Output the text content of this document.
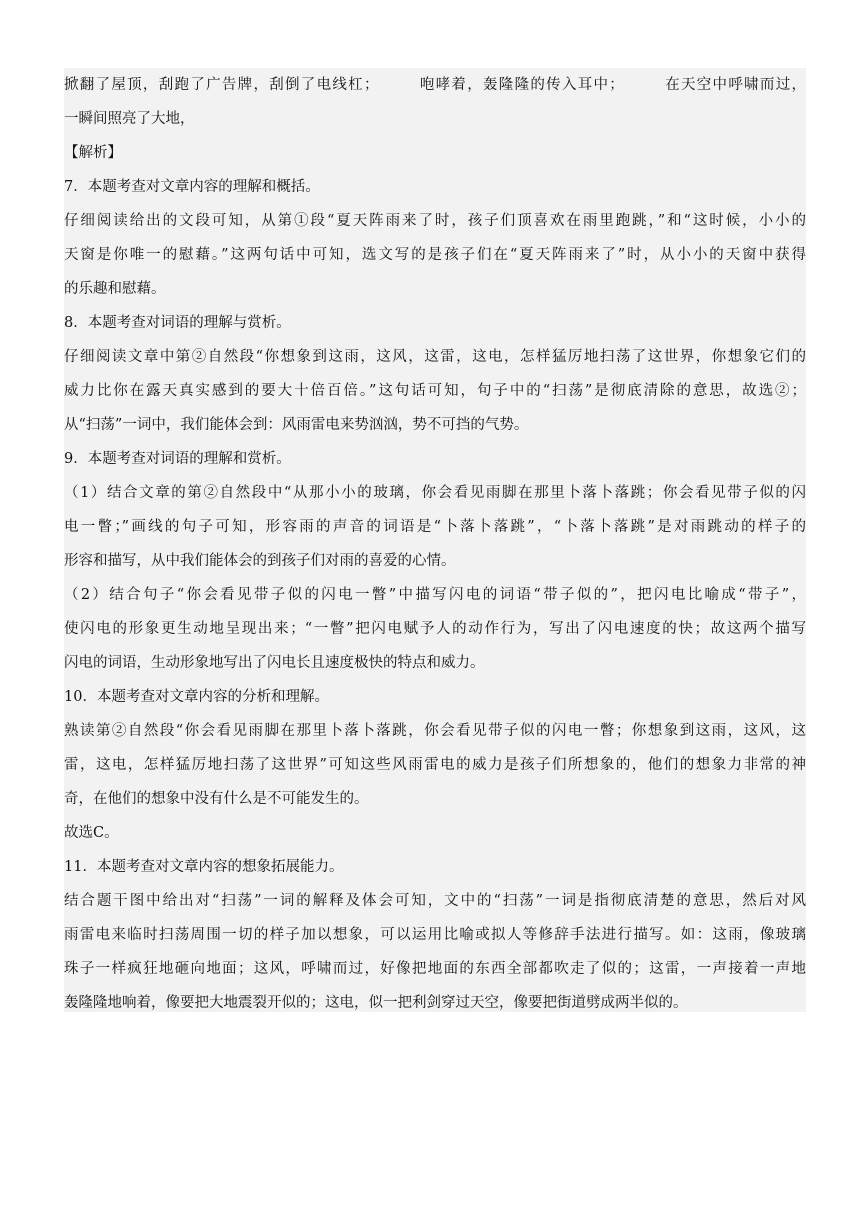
掀翻了屋顶，刮跑了广告牌，刮倒了电线杠；　　　咆哮着，轰隆隆的传入耳中；　　　在天空中呼啸而过，
一瞬间照亮了大地，
【解析】
7．本题考查对文章内容的理解和概括。
仔细阅读给出的文段可知，从第①段“夏天阵雨来了时，孩子们顶喜欢在雨里跑跳，”和“这时候，小小的
天窗是你唯一的慰藉。”这两句话中可知，选文写的是孩子们在“夏天阵雨来了”时，从小小的天窗中获得
的乐趣和慰藉。
8．本题考查对词语的理解与赏析。
仔细阅读文章中第②自然段“你想象到这雨，这风，这雷，这电，怎样猛厉地扫荡了这世界，你想象它们的
威力比你在露天真实感到的要大十倍百倍。”这句话可知，句子中的“扫荡”是彻底清除的意思，故选②；
从“扫荡”一词中，我们能体会到：风雨雷电来势汹汹，势不可挡的气势。
9．本题考查对词语的理解和赏析。
（1）结合文章的第②自然段中“从那小小的玻璃，你会看见雨脚在那里卜落卜落跳；你会看见带子似的闪
电一瞥；”画线的句子可知，形容雨的声音的词语是“卜落卜落跳”，“卜落卜落跳”是对雨跳动的样子的
形容和描写，从中我们能体会的到孩子们对雨的喜爱的心情。
（2）结合句子“你会看见带子似的闪电一瞥”中描写闪电的词语“带子似的”，把闪电比喻成“带子”，
使闪电的形象更生动地呈现出来；“一瞥”把闪电赋予人的动作行为，写出了闪电速度的快；故这两个描写
闪电的词语，生动形象地写出了闪电长且速度极快的特点和威力。
10．本题考查对文章内容的分析和理解。
熟读第②自然段“你会看见雨脚在那里卜落卜落跳，你会看见带子似的闪电一瞥；你想象到这雨，这风，这
雷，这电，怎样猛厉地扫荡了这世界”可知这些风雨雷电的威力是孩子们所想象的，他们的想象力非常的神
奇，在他们的想象中没有什么是不可能发生的。
故选C。
11．本题考查对文章内容的想象拓展能力。
结合题干图中给出对“扫荡”一词的解释及体会可知，文中的“扫荡”一词是指彻底清楚的意思，然后对风
雨雷电来临时扫荡周围一切的样子加以想象，可以运用比喻或拟人等修辞手法进行描写。如：这雨，像玻璃
珠子一样疯狂地砸向地面；这风，呼啸而过，好像把地面的东西全部都吹走了似的；这雷，一声接着一声地
轰隆隆地响着，像要把大地震裂开似的；这电，似一把利剑穿过天空，像要把街道劈成两半似的。
